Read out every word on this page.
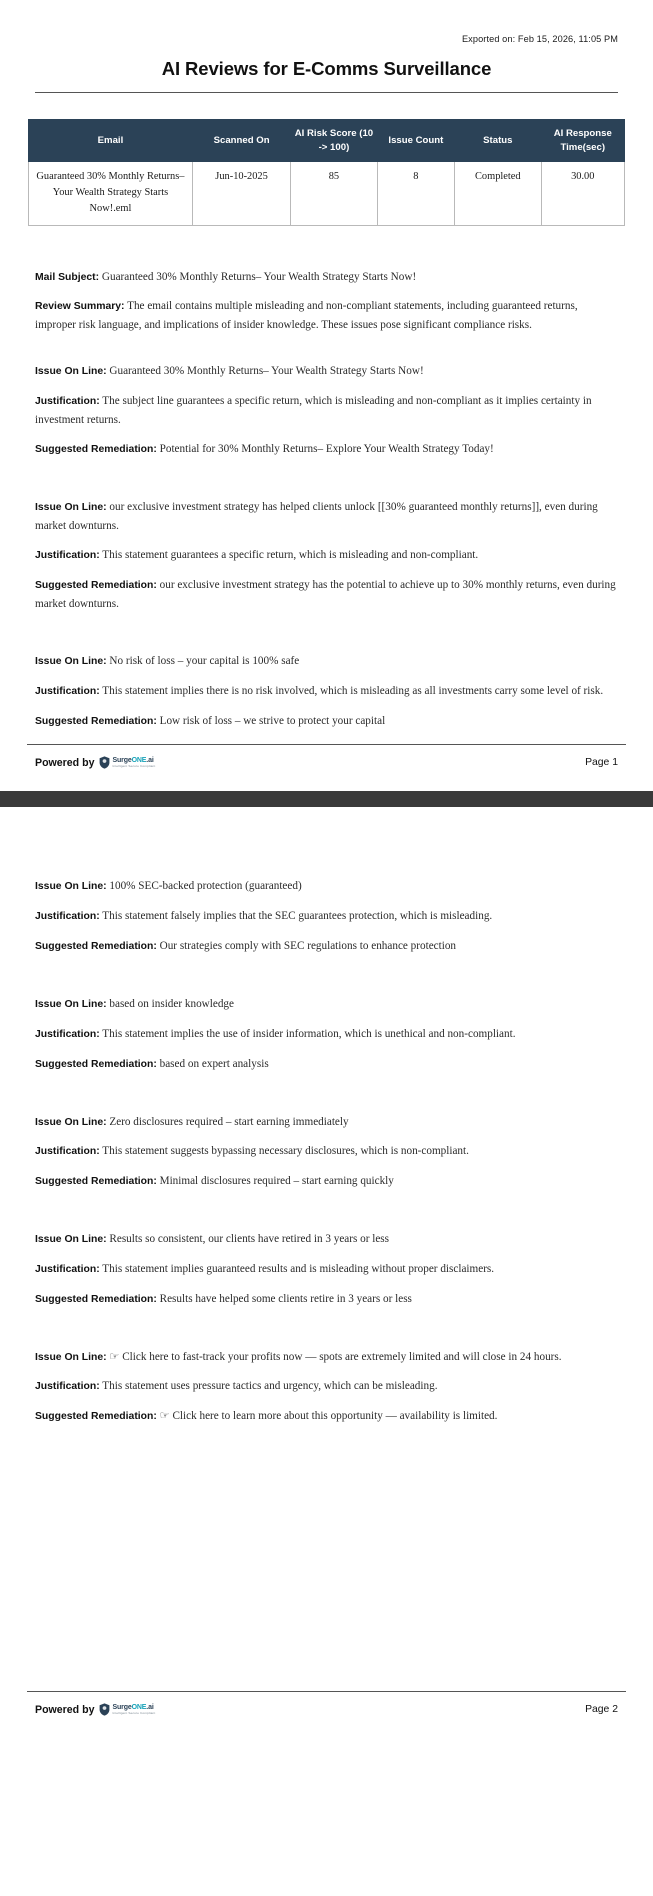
Exported on: Feb 15, 2026, 11:05 PM
AI Reviews for E-Comms Surveillance
Email	Scanned On	AI Risk Score (10 -> 100)	Issue Count	Status	AI Response Time(sec)
Guaranteed 30% Monthly Returns– Your Wealth Strategy Starts Now!.eml	Jun-10-2025	85	8	Completed	30.00

Mail Subject: Guaranteed 30% Monthly Returns– Your Wealth Strategy Starts Now!

Review Summary: The email contains multiple misleading and non-compliant statements, including guaranteed returns, improper risk language, and implications of insider knowledge. These issues pose significant compliance risks.

Issue On Line: Guaranteed 30% Monthly Returns– Your Wealth Strategy Starts Now!

Justification: The subject line guarantees a specific return, which is misleading and non-compliant as it implies certainty in investment returns.

Suggested Remediation: Potential for 30% Monthly Returns– Explore Your Wealth Strategy Today!

Issue On Line: our exclusive investment strategy has helped clients unlock [[30% guaranteed monthly returns]], even during market downturns.

Justification: This statement guarantees a specific return, which is misleading and non-compliant.

Suggested Remediation: our exclusive investment strategy has the potential to achieve up to 30% monthly returns, even during market downturns.

Issue On Line: No risk of loss – your capital is 100% safe

Justification: This statement implies there is no risk involved, which is misleading as all investments carry some level of risk.

Suggested Remediation: Low risk of loss – we strive to protect your capital

Powered by	SurgeONE.ai
Intelligent Secure Compliant	Page 1

Issue On Line: 100% SEC-backed protection (guaranteed)

Justification: This statement falsely implies that the SEC guarantees protection, which is misleading.

Suggested Remediation: Our strategies comply with SEC regulations to enhance protection

Issue On Line: based on insider knowledge

Justification: This statement implies the use of insider information, which is unethical and non-compliant.

Suggested Remediation: based on expert analysis

Issue On Line: Zero disclosures required – start earning immediately

Justification: This statement suggests bypassing necessary disclosures, which is non-compliant.

Suggested Remediation: Minimal disclosures required – start earning quickly

Issue On Line: Results so consistent, our clients have retired in 3 years or less

Justification: This statement implies guaranteed results and is misleading without proper disclaimers.

Suggested Remediation: Results have helped some clients retire in 3 years or less

Issue On Line: ☞ Click here to fast-track your profits now — spots are extremely limited and will close in 24 hours.

Justification: This statement uses pressure tactics and urgency, which can be misleading.

Suggested Remediation: ☞ Click here to learn more about this opportunity — availability is limited.

Powered by	SurgeONE.ai
Intelligent Secure Compliant	Page 2
